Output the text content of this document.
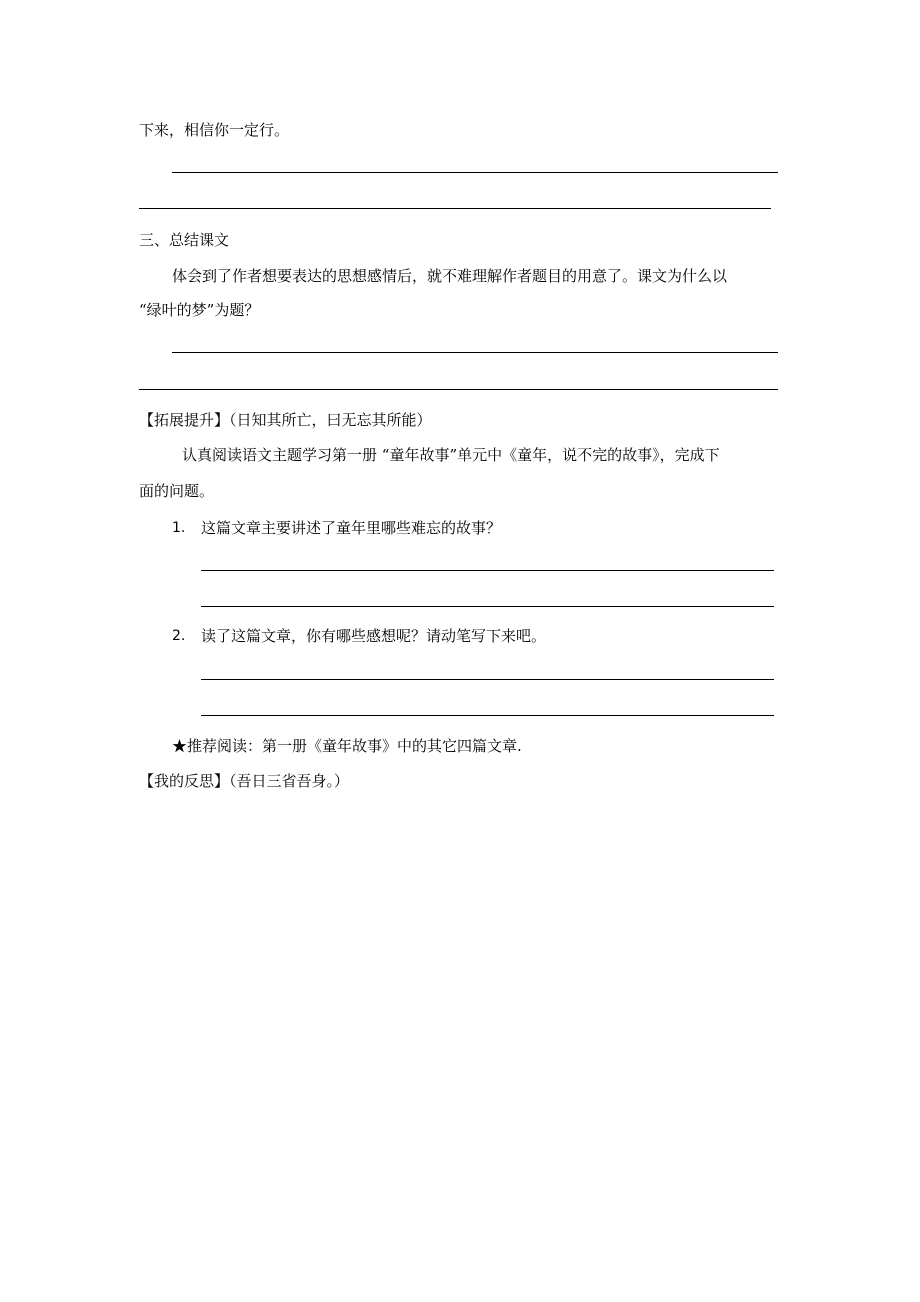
下来，相信你一定行。
三、总结课文
体会到了作者想要表达的思想感情后，就不难理解作者题目的用意了。课文为什么以
“绿叶的梦”为题？
【拓展提升】（日知其所亡，曰无忘其所能）
认真阅读语文主题学习第一册 “童年故事”单元中《童年，说不完的故事》，完成下
面的问题。
1. 这篇文章主要讲述了童年里哪些难忘的故事？
2. 读了这篇文章，你有哪些感想呢？请动笔写下来吧。
★推荐阅读：第一册《童年故事》中的其它四篇文章.
【我的反思】（吾日三省吾身。）
